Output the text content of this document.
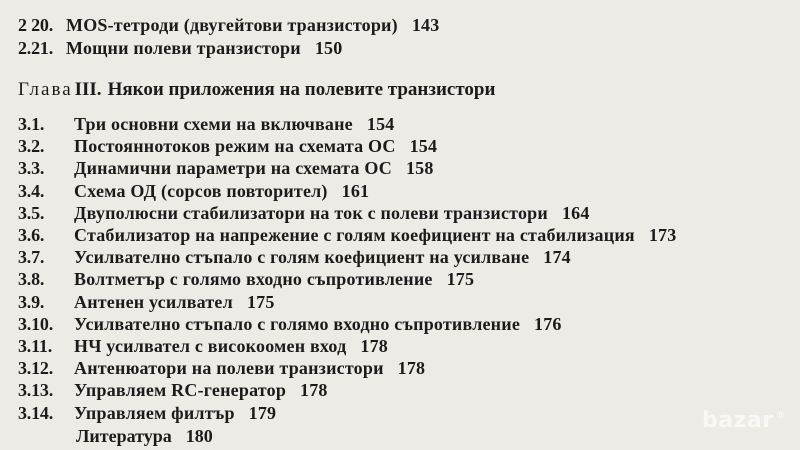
2 20. MOS-тетроди (двугейтови транзистори) 143
2.21. Мощни полеви транзистори 150
Глава III. Някои приложения на полевите транзистори
3.1. Три основни схеми на включване 154
3.2. Постояннотоков режим на схемата ОС 154
3.3. Динамични параметри на схемата ОС 158
3.4. Схема ОД (сорсов повторител) 161
3.5. Двуполюсни стабилизатори на ток с полеви транзистори 164
3.6. Стабилизатор на напрежение с голям коефициент на стабилизация 173
3.7. Усилвателно стъпало с голям коефициент на усилване 174
3.8. Волтметър с голямо входно съпротивление 175
3.9. Антенен усилвател 175
3.10. Усилвателно стъпало с голямо входно съпротивление 176
3.11. НЧ усилвател с високоомен вход 178
3.12. Антенюатори на полеви транзистори 178
3.13. Управляем RC-генератор 178
3.14. Управляем филтър 179
Литература 180
bazar ®
